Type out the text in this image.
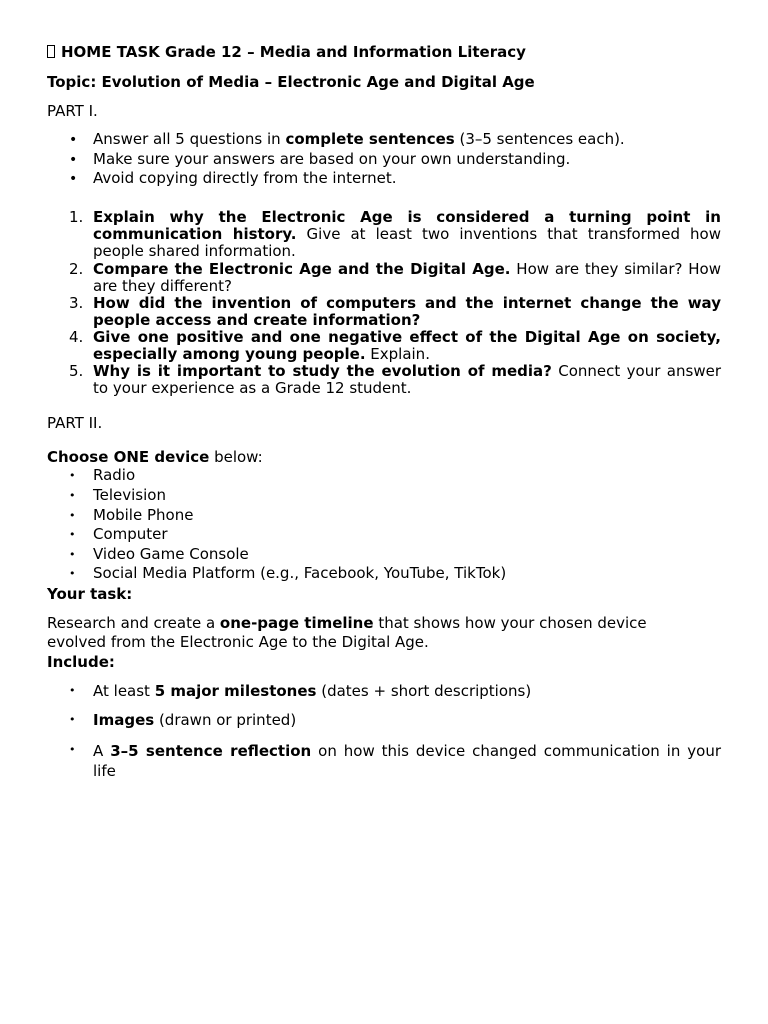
HOME TASK Grade 12 – Media and Information Literacy
Topic: Evolution of Media – Electronic Age and Digital Age
PART I.
• Answer all 5 questions in complete sentences (3–5 sentences each).
• Make sure your answers are based on your own understanding.
• Avoid copying directly from the internet.
1. Explain why the Electronic Age is considered a turning point in communication history. Give at least two inventions that transformed how people shared information.
2. Compare the Electronic Age and the Digital Age. How are they similar? How are they different?
3. How did the invention of computers and the internet change the way people access and create information?
4. Give one positive and one negative effect of the Digital Age on society, especially among young people. Explain.
5. Why is it important to study the evolution of media? Connect your answer to your experience as a Grade 12 student.
PART II.
Choose ONE device below:
• Radio
• Television
• Mobile Phone
• Computer
• Video Game Console
• Social Media Platform (e.g., Facebook, YouTube, TikTok)
Your task:
Research and create a one-page timeline that shows how your chosen device
evolved from the Electronic Age to the Digital Age.
Include:
• At least 5 major milestones (dates + short descriptions)
• Images (drawn or printed)
• A 3–5 sentence reflection on how this device changed communication in your life
